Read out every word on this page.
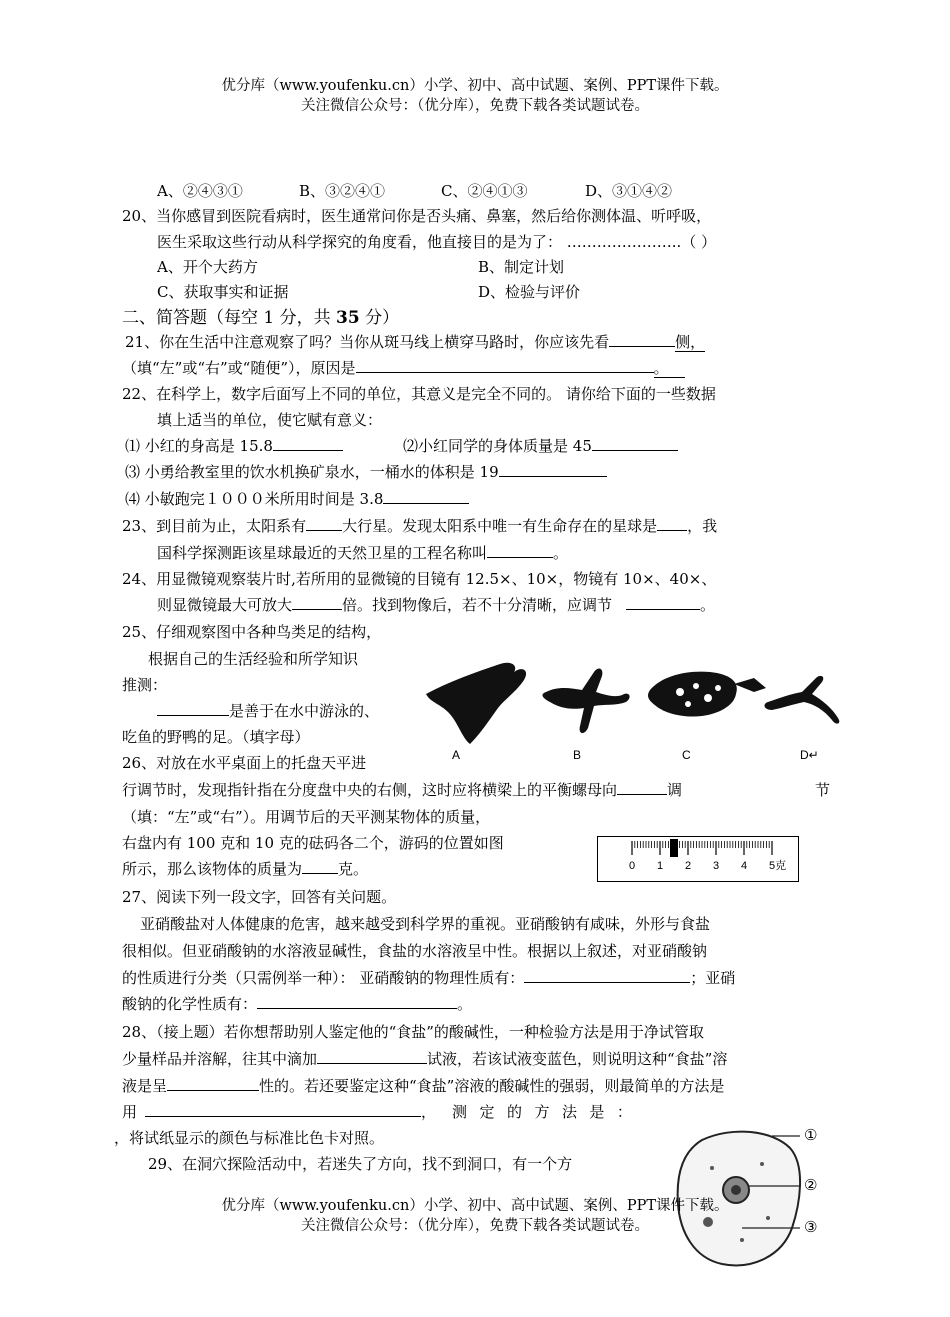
优分库（www.youfenku.cn）小学、初中、高中试题、案例、PPT课件下载。
关注微信公众号：（优分库），免费下载各类试题试卷。
A、②④③①	B、③②④①	C、②④①③	D、③①④②
20、当你感冒到医院看病时，医生通常问你是否头痛、鼻塞，然后给你测体温、听呼吸，
医生采取这些行动从科学探究的角度看，他直接目的是为了： …………………..（ ）
A、开个大药方	B、制定计划
C、获取事实和证据	D、检验与评价
二、简答题（每空 1 分，共 35 分）
21、你在生活中注意观察了吗？当你从斑马线上横穿马路时，你应该先看	侧，
（填“左”或“右”或“随便”），原因是	。
22、在科学上，数字后面写上不同的单位，其意义是完全不同的。 请你给下面的一些数据
填上适当的单位，使它赋有意义：
⑴ 小红的身高是 15.8	⑵小红同学的身体质量是 45
⑶ 小勇给教室里的饮水机换矿泉水，一桶水的体积是 19
⑷ 小敏跑完１０００米所用时间是 3.8
23、到目前为止，太阳系有 大行星。发现太阳系中唯一有生命存在的星球是 ，我
国科学探测距该星球最近的天然卫星的工程名称叫	。
24、用显微镜观察装片时,若所用的显微镜的目镜有 12.5×、10×，物镜有 10×、40×、
则显微镜最大可放大	倍。找到物像后，若不十分清晰，应调节	。
25、仔细观察图中各种鸟类足的结构，
根据自己的生活经验和所学知识
推测：
是善于在水中游泳的、
吃鱼的野鸭的足。（填字母）
A	B	C	D↵
26、对放在水平桌面上的托盘天平进
行调节时，发现指针指在分度盘中央的右侧，这时应将横梁上的平衡螺母向	调	节
（填：“左”或“右”）。用调节后的天平测某物体的质量，
右盘内有 100 克和 10 克的砝码各二个，游码的位置如图
所示，那么该物体的质量为 克。	0 1 2 3 4 5克
27、阅读下列一段文字，回答有关问题。
亚硝酸盐对人体健康的危害，越来越受到科学界的重视。亚硝酸钠有咸味，外形与食盐
很相似。但亚硝酸钠的水溶液显碱性，食盐的水溶液呈中性。根据以上叙述，对亚硝酸钠
的性质进行分类（只需例举一种）： 亚硝酸钠的物理性质有：	；亚硝
酸钠的化学性质有：	。
28、（接上题）若你想帮助别人鉴定他的“食盐”的酸碱性，一种检验方法是用于净试管取
少量样品并溶解，往其中滴加	试液，若该试液变蓝色，则说明这种“食盐”溶
液是呈	性的。若还要鉴定这种“食盐”溶液的酸碱性的强弱，则最简单的方法是
用	， 测 定 的 方 法 是 ：
，将试纸显示的颜色与标准比色卡对照。
29、在洞穴探险活动中，若迷失了方向，找不到洞口，有一个方
①
②
③
优分库（www.youfenku.cn）小学、初中、高中试题、案例、PPT课件下载。
关注微信公众号：（优分库），免费下载各类试题试卷。
